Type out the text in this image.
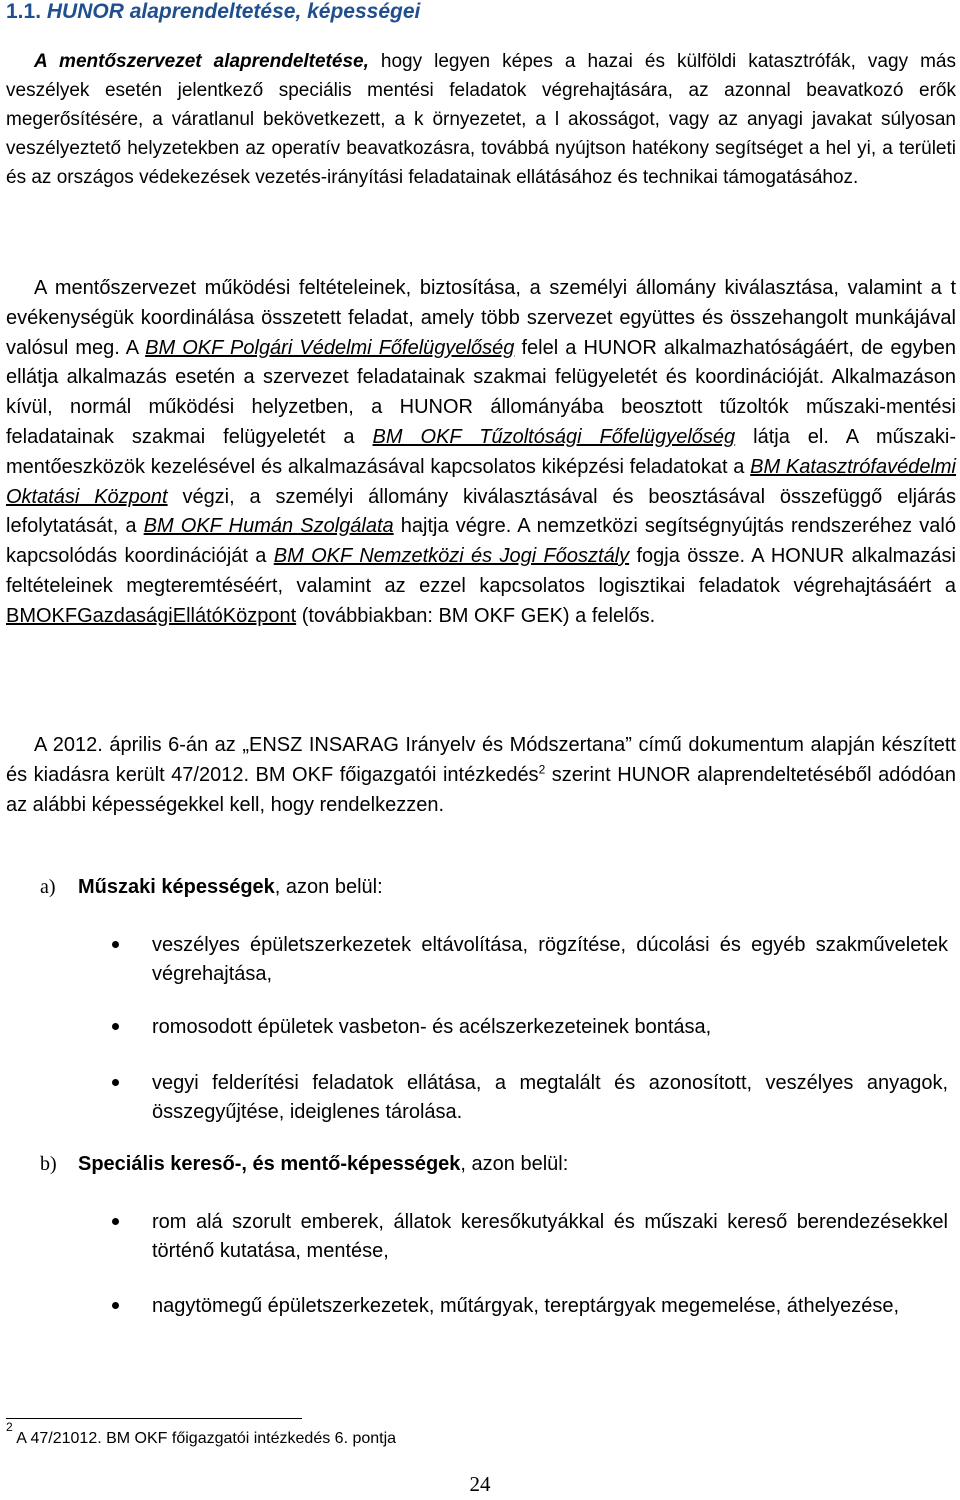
1.1. HUNOR alaprendeltetése, képességei

A mentőszervezet alaprendeltetése, hogy legyen képes a hazai és külföldi katasztrófák, vagy más veszélyek esetén jelentkező speciális mentési feladatok végrehajtására, az azonnal beavatkozó erők megerősítésére, a váratlanul bekövetkezett, a k örnyezetet, a l akosságot, vagy az anyagi javakat súlyosan veszélyeztető helyzetekben az operatív beavatkozásra, továbbá nyújtson hatékony segítséget a hel yi, a területi és az országos védekezések vezetés-irányítási feladatainak ellátásához és technikai támogatásához.

A mentőszervezet működési feltételeinek, biztosítása, a személyi állomány kiválasztása, valamint a t evékenységük koordinálása összetett feladat, amely több szervezet együttes és összehangolt munkájával valósul meg. A BM OKF Polgári Védelmi Főfelügyelőség felel a HUNOR alkalmazhatóságáért, de egyben ellátja alkalmazás esetén a szervezet feladatainak szakmai felügyeletét és koordinációját. Alkalmazáson kívül, normál működési helyzetben, a HUNOR állományába beosztott tűzoltók műszaki-mentési feladatainak szakmai felügyeletét a BM OKF Tűzoltósági Főfelügyelőség látja el. A műszaki-mentőeszközök kezelésével és alkalmazásával kapcsolatos kiképzési feladatokat a BM Katasztrófavédelmi Oktatási Központ végzi, a személyi állomány kiválasztásával és beosztásával összefüggő eljárás lefolytatását, a BM OKF Humán Szolgálata hajtja végre. A nemzetközi segítségnyújtás rendszeréhez való kapcsolódás koordinációját a BM OKF Nemzetközi és Jogi Főosztály fogja össze. A HONUR alkalmazási feltételeinek megteremtéséért, valamint az ezzel kapcsolatos logisztikai feladatok végrehajtásáért a BMOKFGazdaságiEllátóKözpont (továbbiakban: BM OKF GEK) a felelős.

A 2012. április 6-án az „ENSZ INSARAG Irányelv és Módszertana” című dokumentum alapján készített és kiadásra került 47/2012. BM OKF főigazgatói intézkedés$^2$ szerint HUNOR alaprendeltetéséből adódóan az alábbi képességekkel kell, hogy rendelkezzen.

a) Műszaki képességek, azon belül:
veszélyes épületszerkezetek eltávolítása, rögzítése, dúcolási és egyéb szakműveletek végrehajtása,
romosodott épületek vasbeton- és acélszerkezeteinek bontása,
vegyi felderítési feladatok ellátása, a megtalált és azonosított, veszélyes anyagok, összegyűjtése, ideiglenes tárolása.
b) Speciális kereső-, és mentő-képességek, azon belül:
rom alá szorult emberek, állatok keresőkutyákkal és műszaki kereső berendezésekkel történő kutatása, mentése,
nagytömegű épületszerkezetek, műtárgyak, tereptárgyak megemelése, áthelyezése,
$^2$ A 47/21012. BM OKF főigazgatói intézkedés 6. pontja
24
